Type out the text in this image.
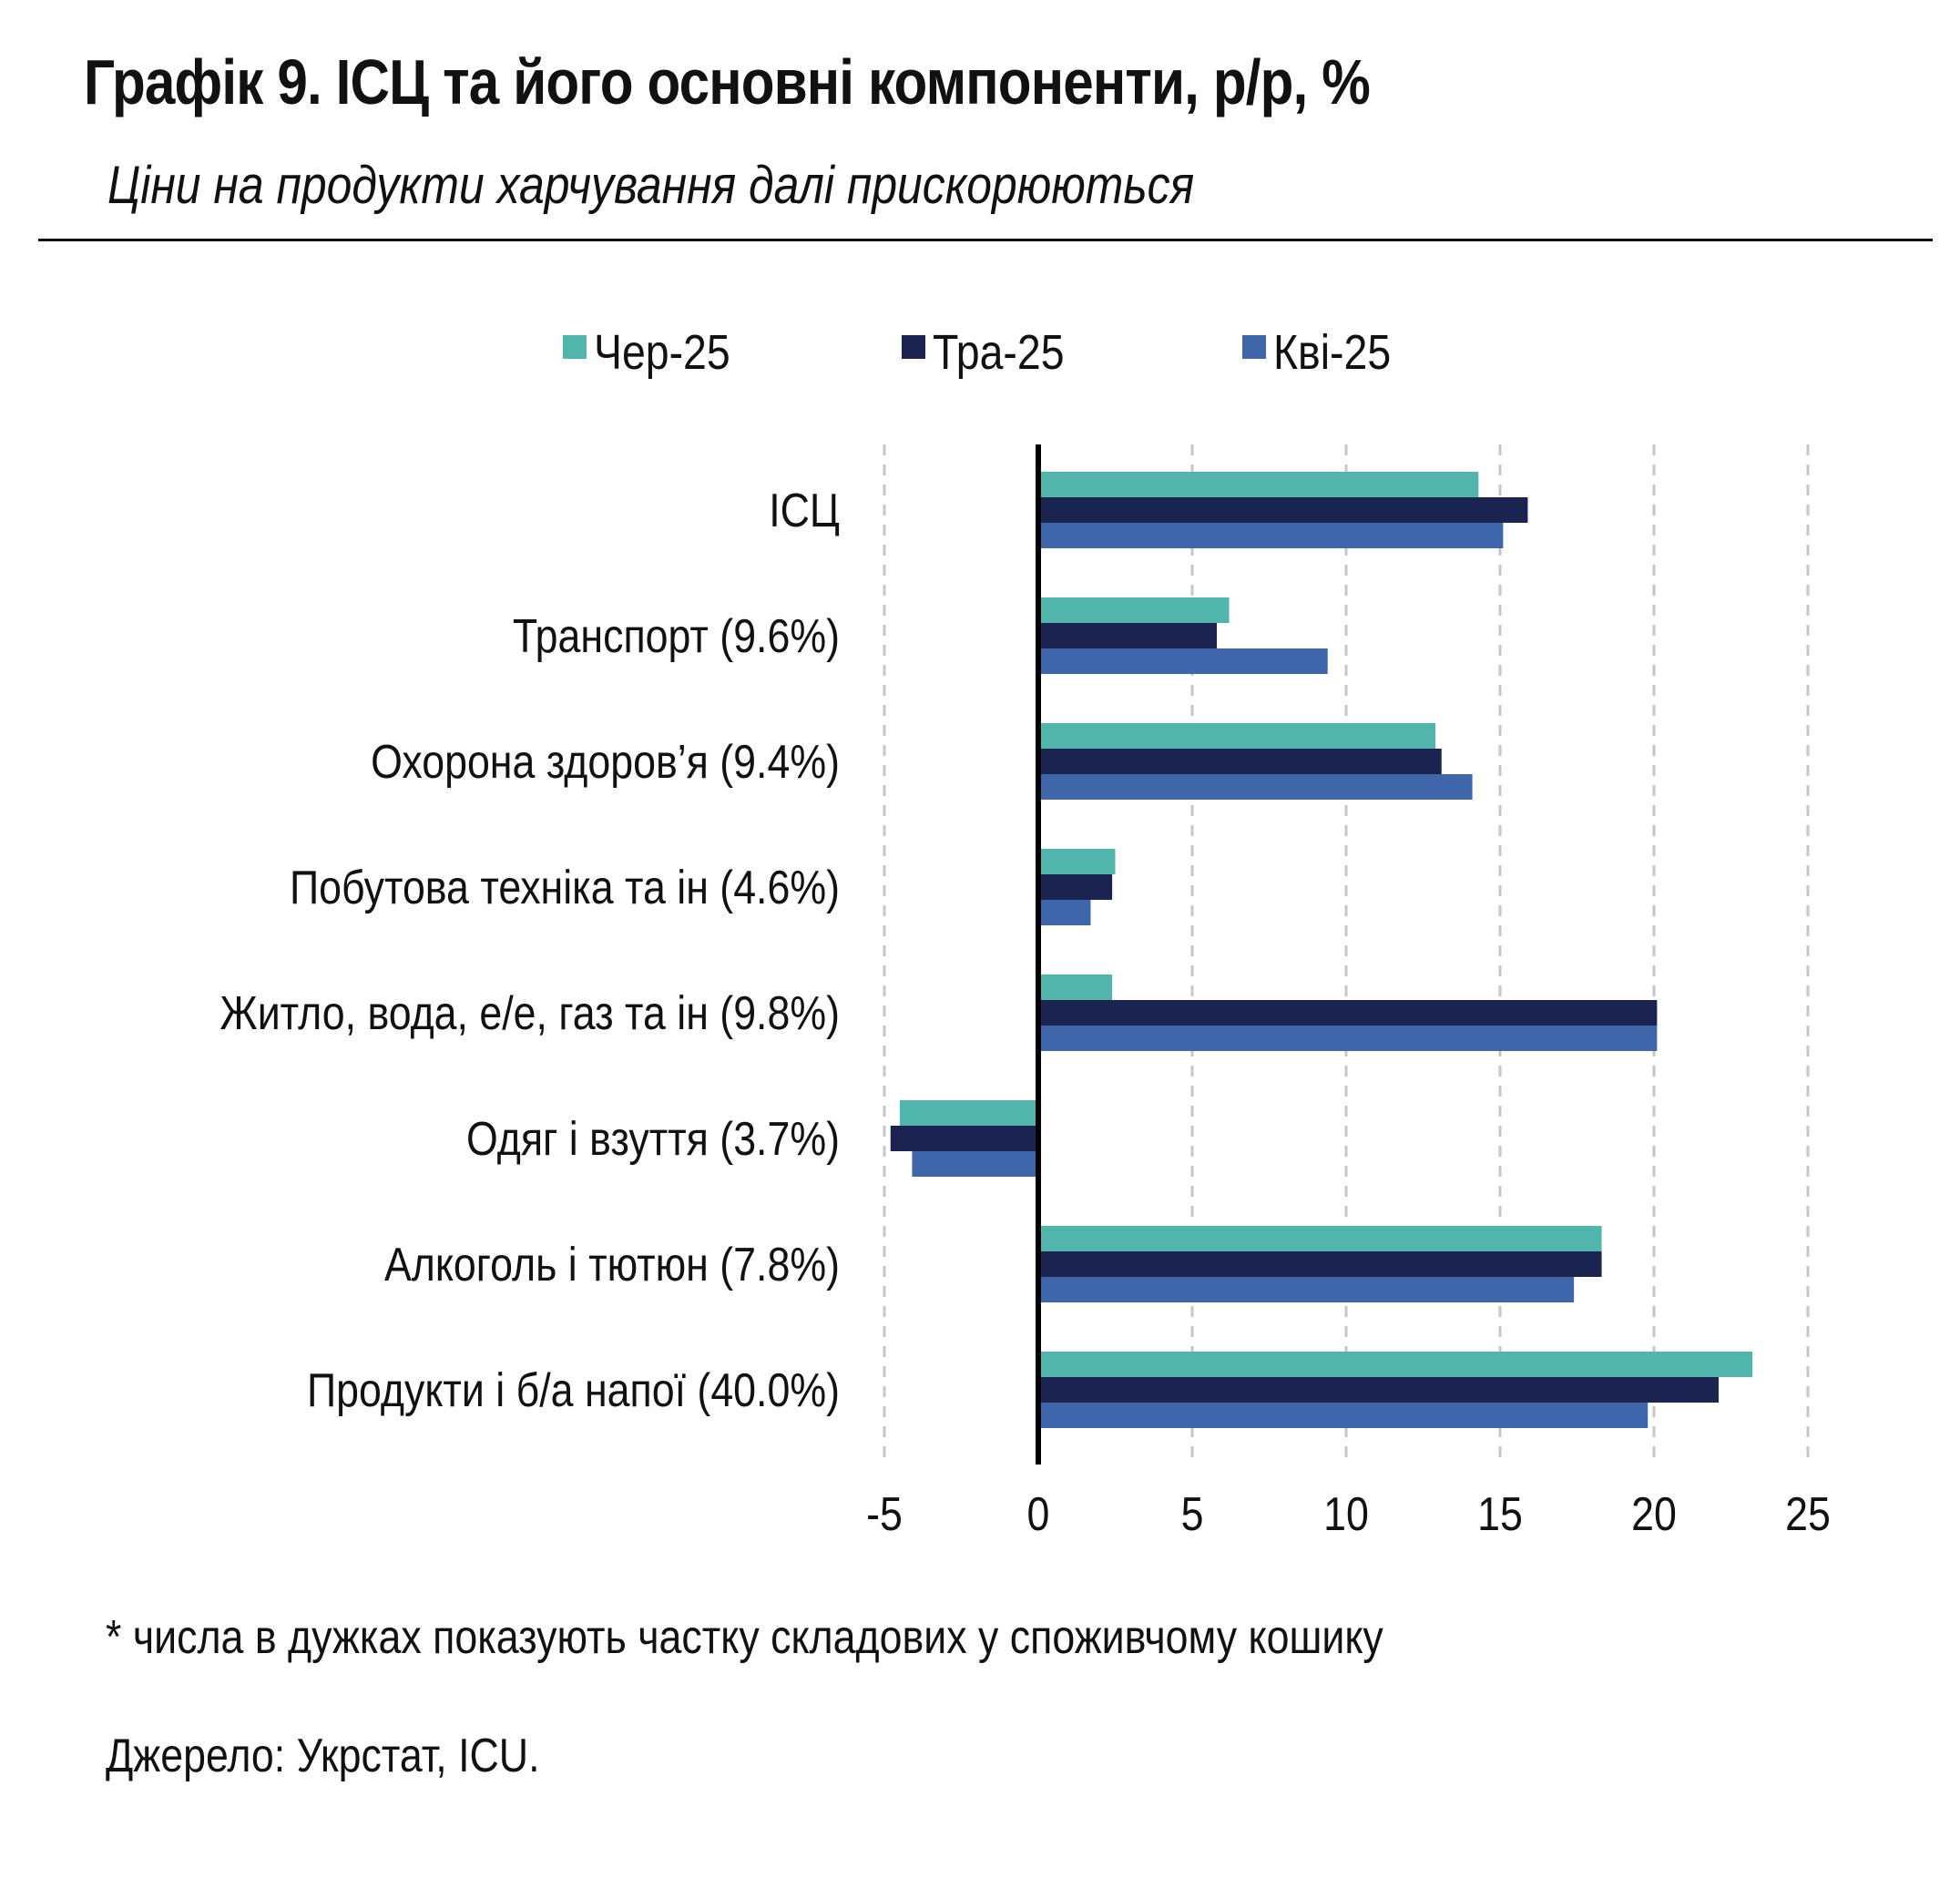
Графік 9. ІСЦ та його основні компоненти, р/р, %

Ціни на продукти харчування далі прискорюються

Чер-25	Тра-25	Кві-25
ІСЦ
Транспорт (9.6%)
Охорона здоров’я (9.4%)
Побутова техніка та ін (4.6%)
Житло, вода, е/е, газ та ін (9.8%)
Одяг і взуття (3.7%)
Алкоголь і тютюн (7.8%)
Продукти і б/а напої (40.0%)
-5	0	5	10 15 20 25

* числа в дужках показують частку складових у споживчому кошику

Джерело: Укрстат, ICU.
